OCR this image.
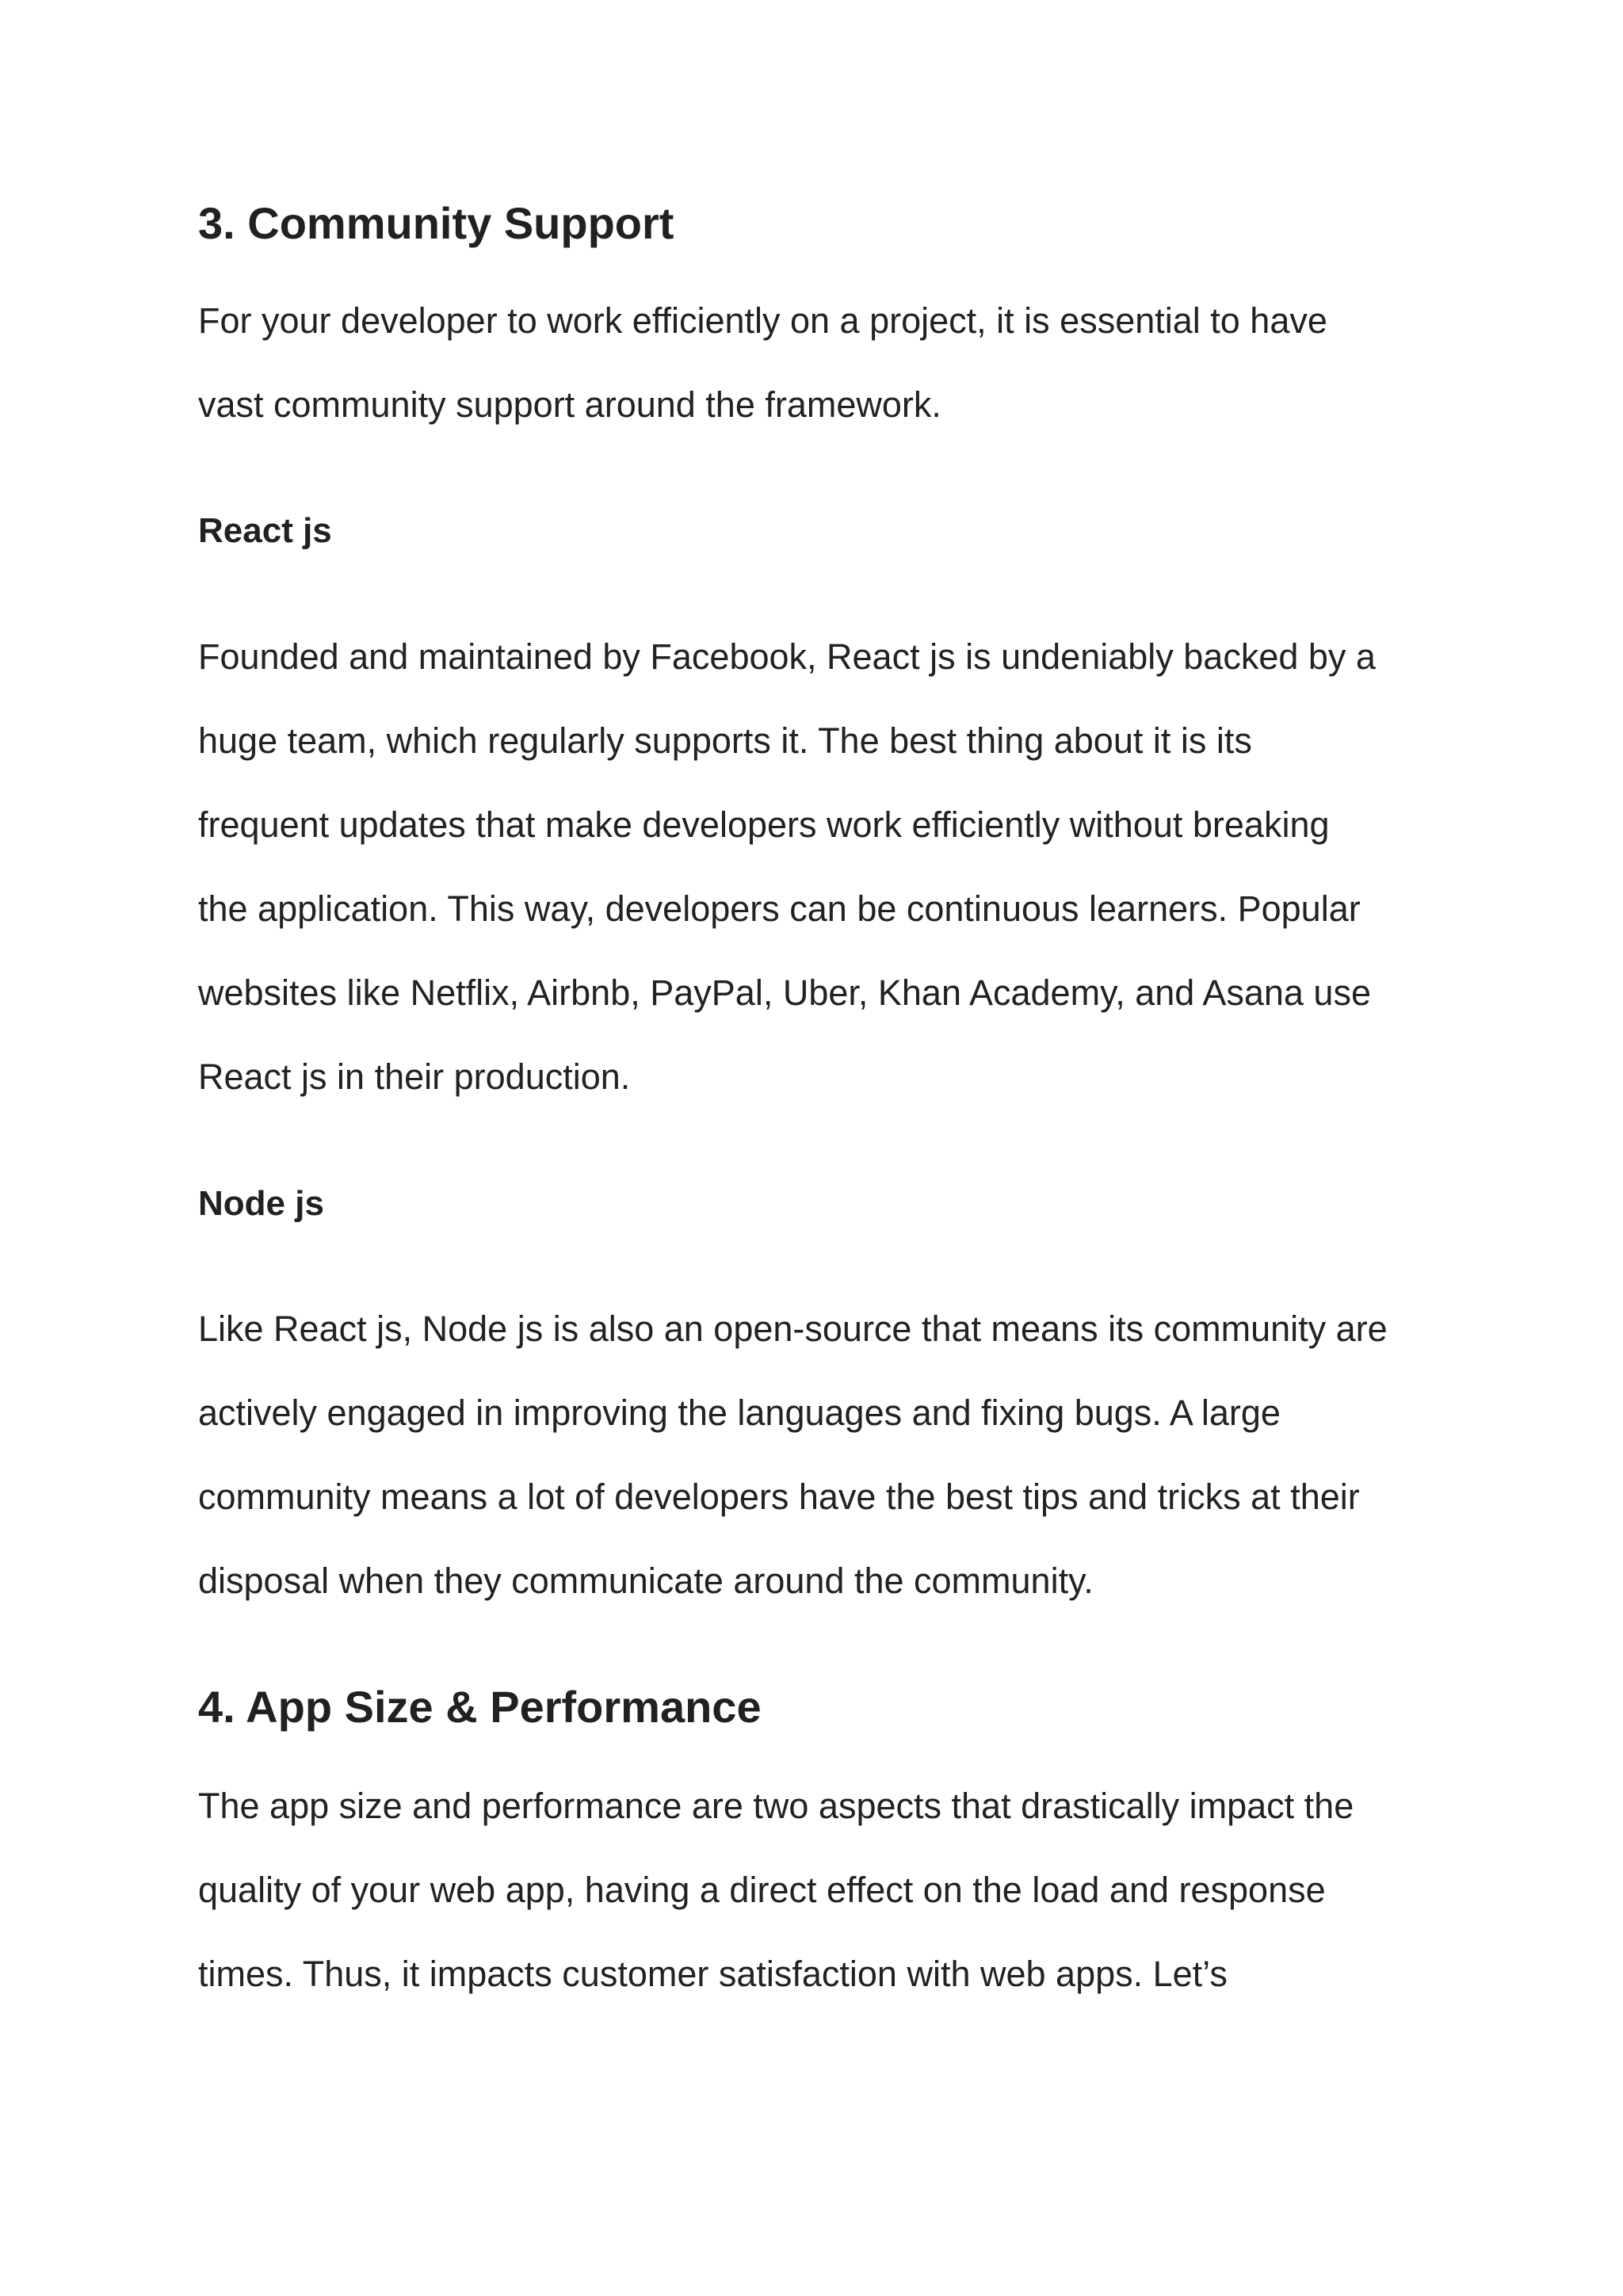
3. Community Support

For your developer to work efficiently on a project, it is essential to have
vast community support around the framework.

React js

Founded and maintained by Facebook, React js is undeniably backed by a
huge team, which regularly supports it. The best thing about it is its
frequent updates that make developers work efficiently without breaking
the application. This way, developers can be continuous learners. Popular
websites like Netflix, Airbnb, PayPal, Uber, Khan Academy, and Asana use
React js in their production.

Node js

Like React js, Node js is also an open-source that means its community are
actively engaged in improving the languages and fixing bugs. A large
community means a lot of developers have the best tips and tricks at their
disposal when they communicate around the community.

4. App Size & Performance

The app size and performance are two aspects that drastically impact the
quality of your web app, having a direct effect on the load and response
times. Thus, it impacts customer satisfaction with web apps. Let’s
